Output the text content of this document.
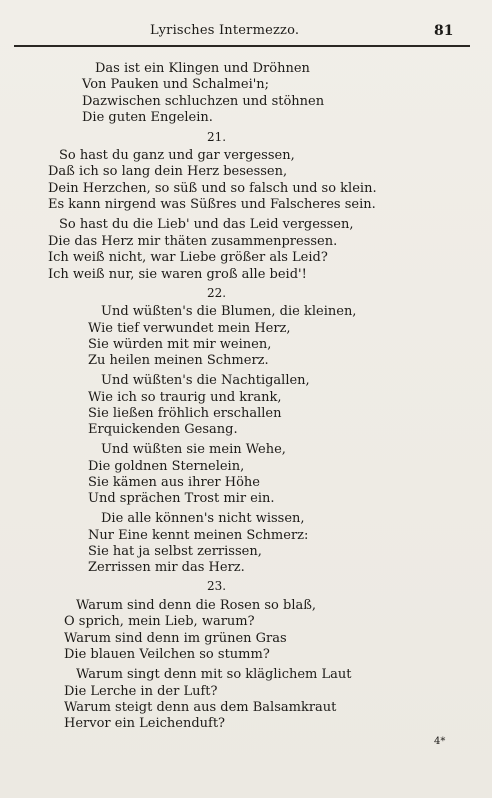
Lyrisches Intermezzo.	81
Das ist ein Klingen und Dröhnen
Von Pauken und Schalmei'n;
Dazwischen schluchzen und stöhnen
Die guten Engelein.
21.
So hast du ganz und gar vergessen,
Daß ich so lang dein Herz besessen,
Dein Herzchen, so süß und so falsch und so klein.
Es kann nirgend was Süßres und Falscheres sein.
So hast du die Lieb' und das Leid vergessen,
Die das Herz mir thäten zusammenpressen.
Ich weiß nicht, war Liebe größer als Leid?
Ich weiß nur, sie waren groß alle beid'!
22.
Und wüßten's die Blumen, die kleinen,
Wie tief verwundet mein Herz,
Sie würden mit mir weinen,
Zu heilen meinen Schmerz.
Und wüßten's die Nachtigallen,
Wie ich so traurig und krank,
Sie ließen fröhlich erschallen
Erquickenden Gesang.
Und wüßten sie mein Wehe,
Die goldnen Sternelein,
Sie kämen aus ihrer Höhe
Und sprächen Trost mir ein.
Die alle können's nicht wissen,
Nur Eine kennt meinen Schmerz:
Sie hat ja selbst zerrissen,
Zerrissen mir das Herz.
23.
Warum sind denn die Rosen so blaß,
O sprich, mein Lieb, warum?
Warum sind denn im grünen Gras
Die blauen Veilchen so stumm?
Warum singt denn mit so kläglichem Laut
Die Lerche in der Luft?
Warum steigt denn aus dem Balsamkraut
Hervor ein Leichenduft?
4*
